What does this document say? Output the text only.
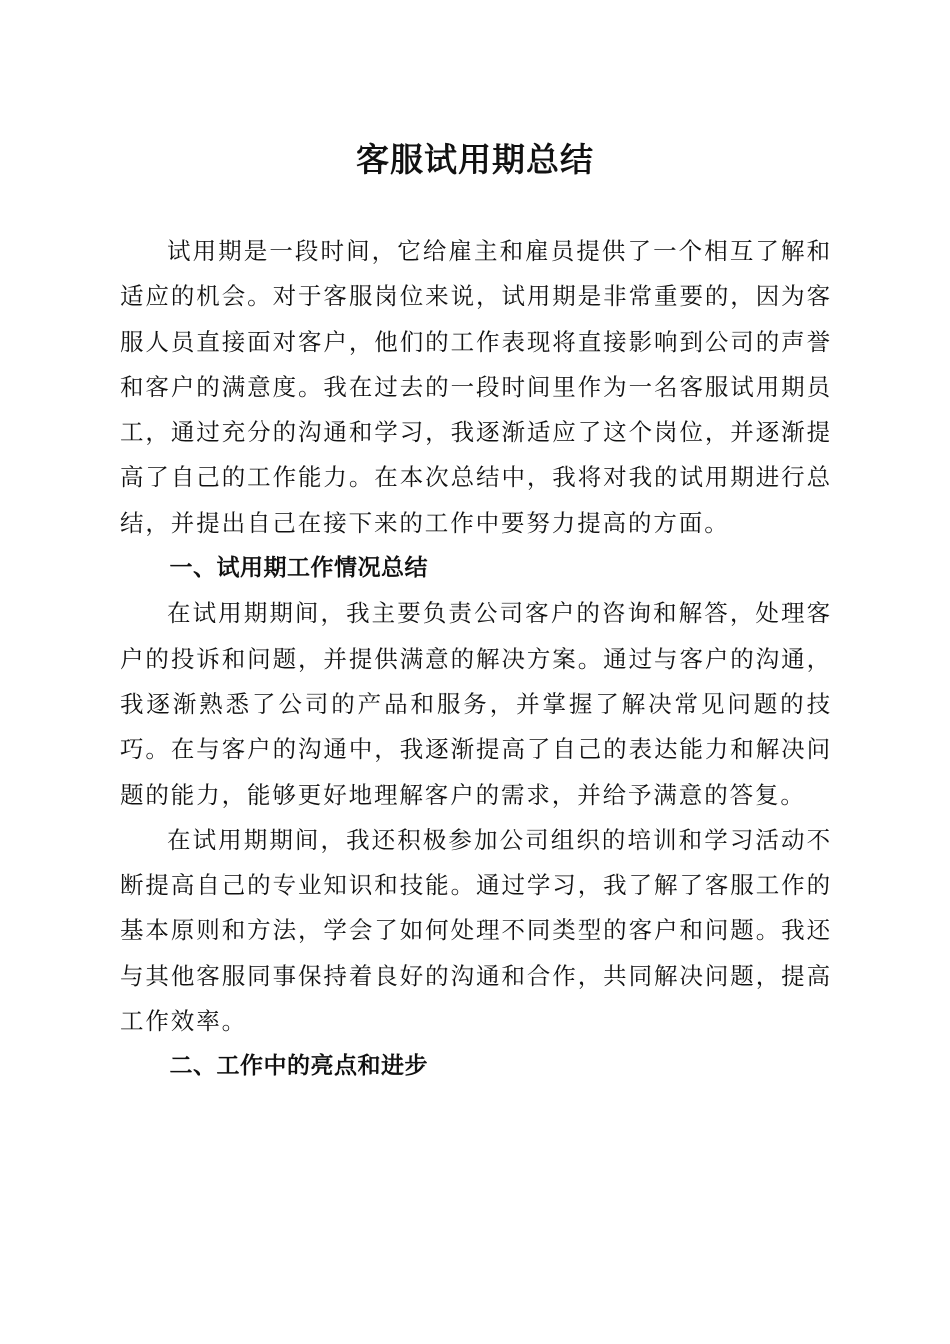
客服试用期总结

试用期是一段时间，它给雇主和雇员提供了一个相互了解和适应的机会。对于客服岗位来说，试用期是非常重要的，因为客服人员直接面对客户，他们的工作表现将直接影响到公司的声誉和客户的满意度。我在过去的一段时间里作为一名客服试用期员工，通过充分的沟通和学习，我逐渐适应了这个岗位，并逐渐提高了自己的工作能力。在本次总结中，我将对我的试用期进行总结，并提出自己在接下来的工作中要努力提高的方面。

一、试用期工作情况总结

在试用期期间，我主要负责公司客户的咨询和解答，处理客户的投诉和问题，并提供满意的解决方案。通过与客户的沟通，我逐渐熟悉了公司的产品和服务，并掌握了解决常见问题的技巧。在与客户的沟通中，我逐渐提高了自己的表达能力和解决问题的能力，能够更好地理解客户的需求，并给予满意的答复。

在试用期期间，我还积极参加公司组织的培训和学习活动不断提高自己的专业知识和技能。通过学习，我了解了客服工作的基本原则和方法，学会了如何处理不同类型的客户和问题。我还与其他客服同事保持着良好的沟通和合作，共同解决问题，提高工作效率。

二、工作中的亮点和进步
